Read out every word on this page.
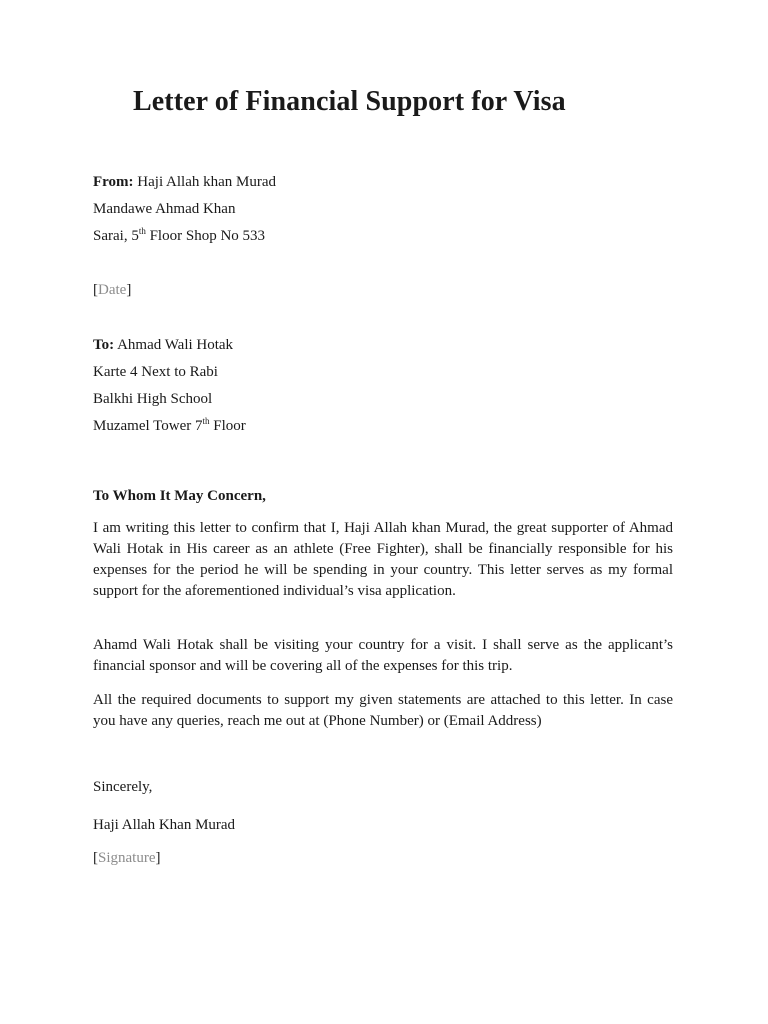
Letter of Financial Support for Visa
From: Haji Allah khan Murad
Mandawe Ahmad Khan
Sarai, 5th Floor Shop No 533
[Date]
To: Ahmad Wali Hotak
Karte 4 Next to Rabi
Balkhi High School
Muzamel Tower 7th Floor
To Whom It May Concern,

I am writing this letter to confirm that I, Haji Allah khan Murad, the great supporter of Ahmad Wali Hotak in His career as an athlete (Free Fighter), shall be financially responsible for his expenses for the period he will be spending in your country. This letter serves as my formal support for the aforementioned individual’s visa application.

Ahamd Wali Hotak shall be visiting your country for a visit. I shall serve as the applicant’s financial sponsor and will be covering all of the expenses for this trip.

All the required documents to support my given statements are attached to this letter. In case you have any queries, reach me out at (Phone Number) or (Email Address)

Sincerely,
Haji Allah Khan Murad
[Signature]
